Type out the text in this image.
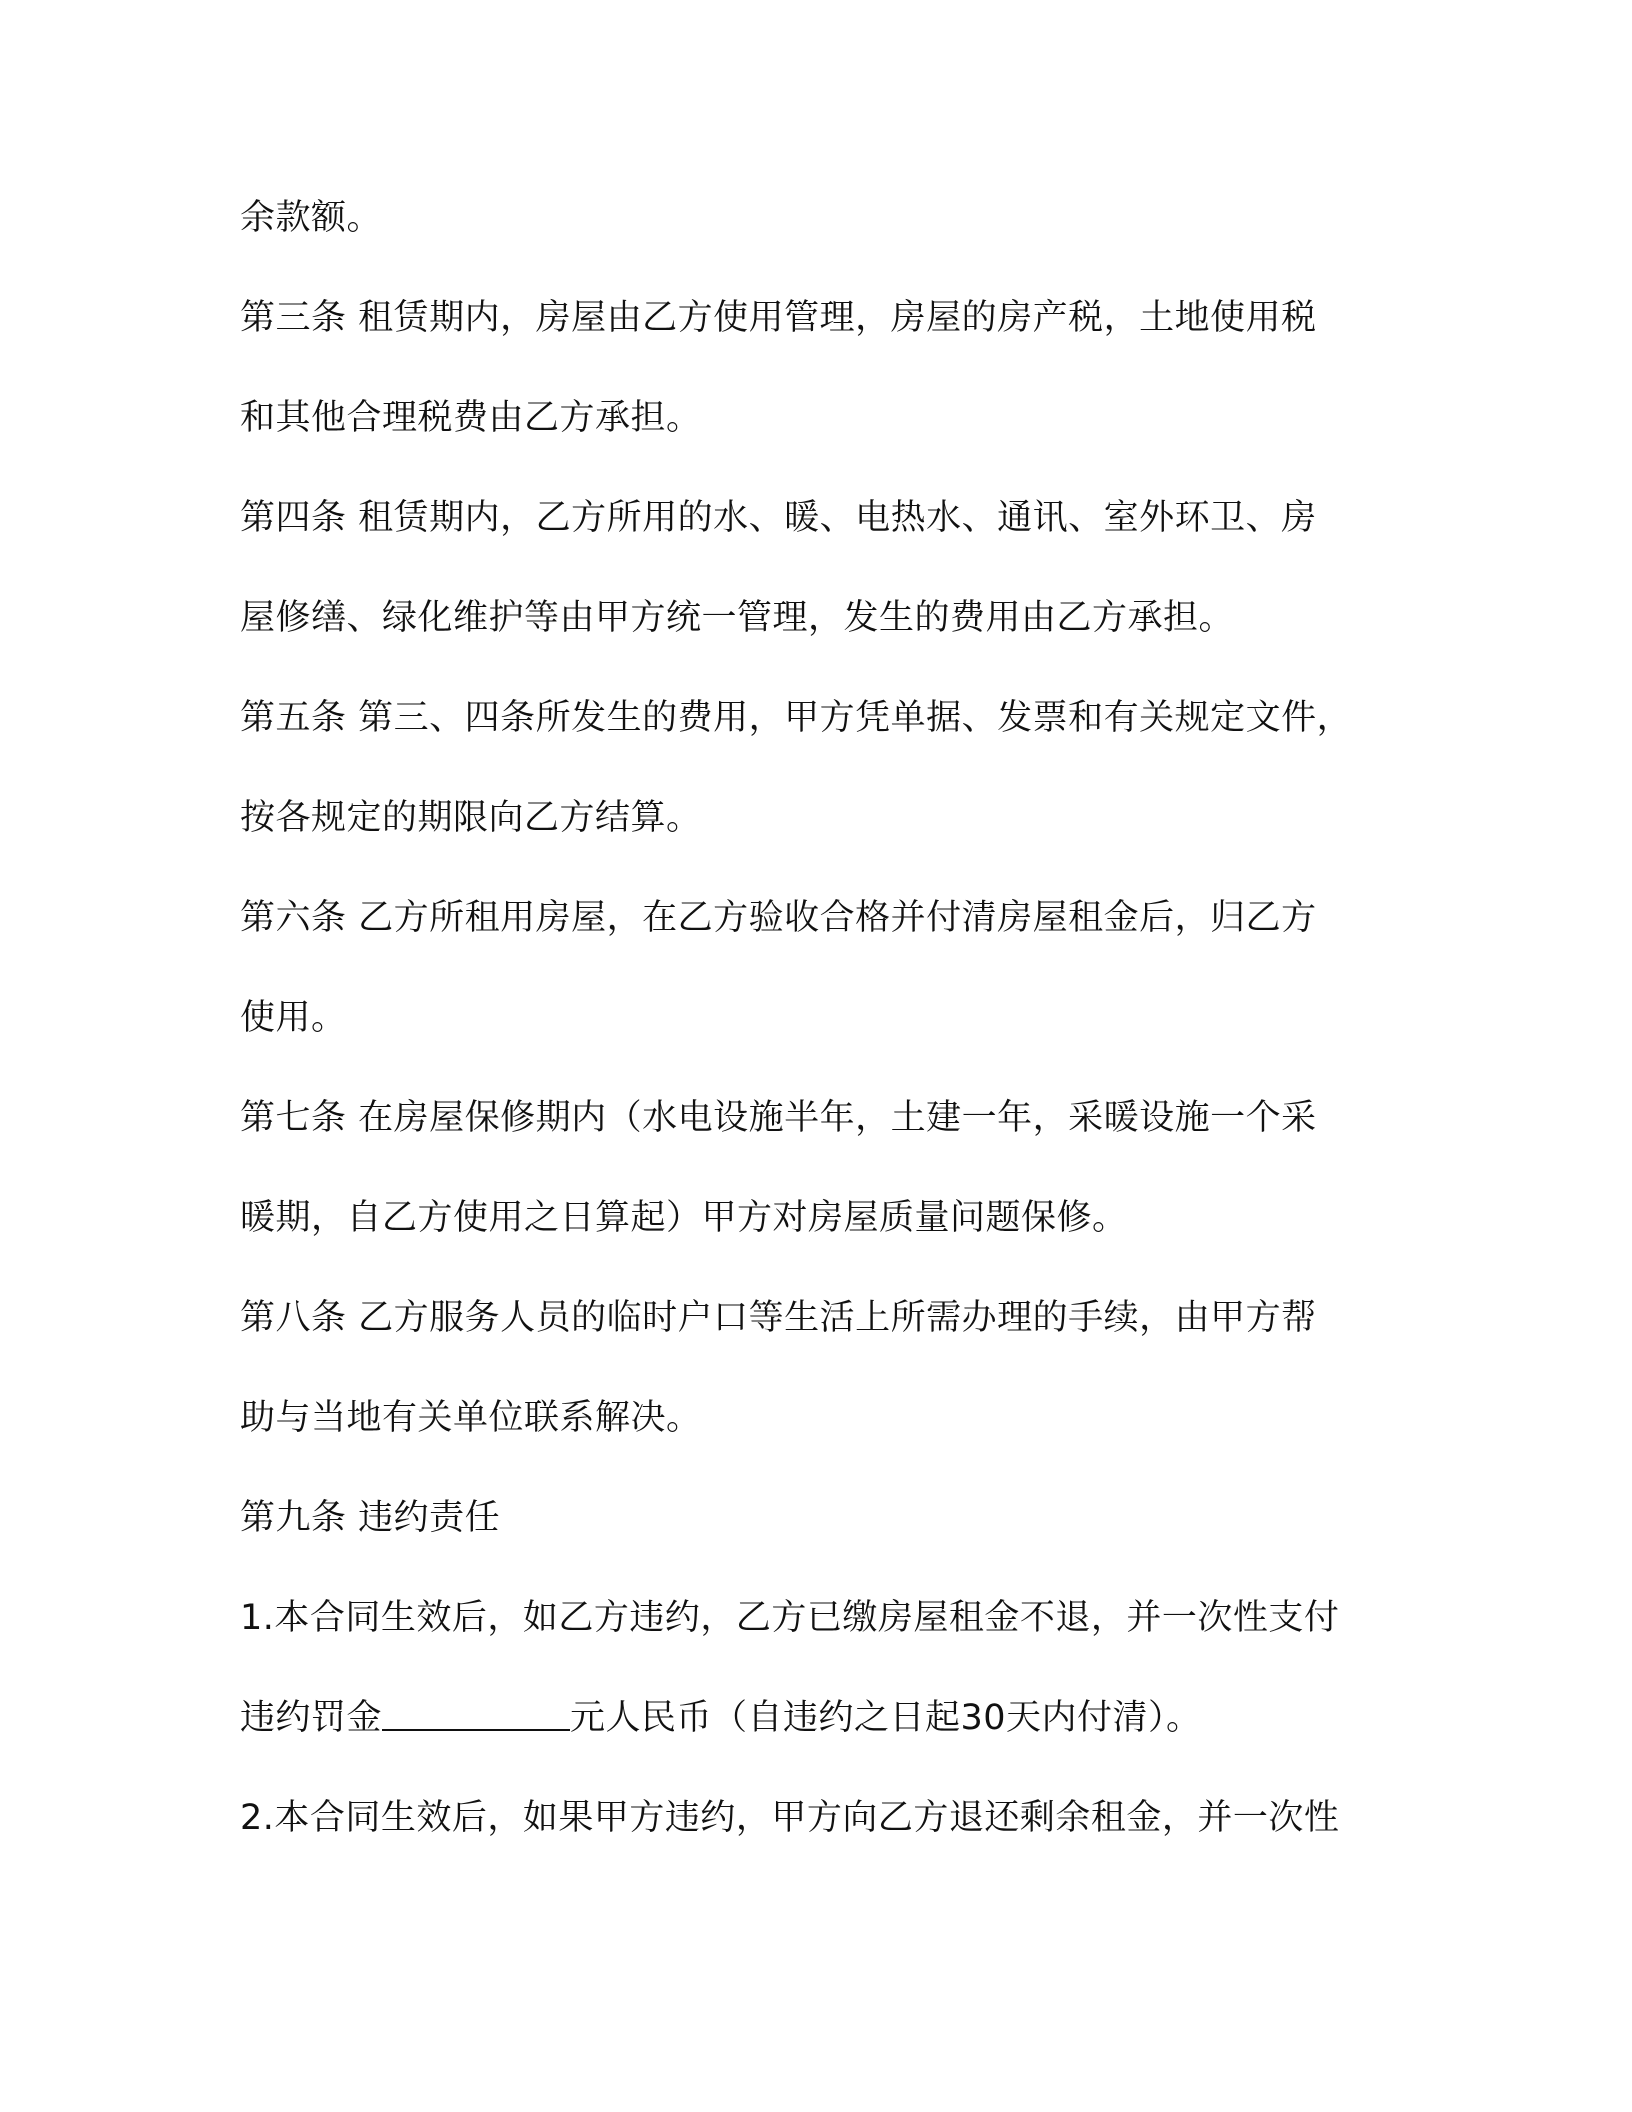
余款额。
第三条 租赁期内，房屋由乙方使用管理，房屋的房产税，土地使用税
和其他合理税费由乙方承担。
第四条 租赁期内，乙方所用的水、暖、电热水、通讯、室外环卫、房
屋修缮、绿化维护等由甲方统一管理，发生的费用由乙方承担。
第五条 第三、四条所发生的费用，甲方凭单据、发票和有关规定文件，
按各规定的期限向乙方结算。
第六条 乙方所租用房屋，在乙方验收合格并付清房屋租金后，归乙方
使用。
第七条 在房屋保修期内（水电设施半年，土建一年，采暖设施一个采
暖期，自乙方使用之日算起）甲方对房屋质量问题保修。
第八条 乙方服务人员的临时户口等生活上所需办理的手续，由甲方帮
助与当地有关单位联系解决。
第九条 违约责任
1.本合同生效后，如乙方违约，乙方已缴房屋租金不退，并一次性支付
违约罚金	元人民币（自违约之日起30天内付清）。
2.本合同生效后，如果甲方违约，甲方向乙方退还剩余租金，并一次性
